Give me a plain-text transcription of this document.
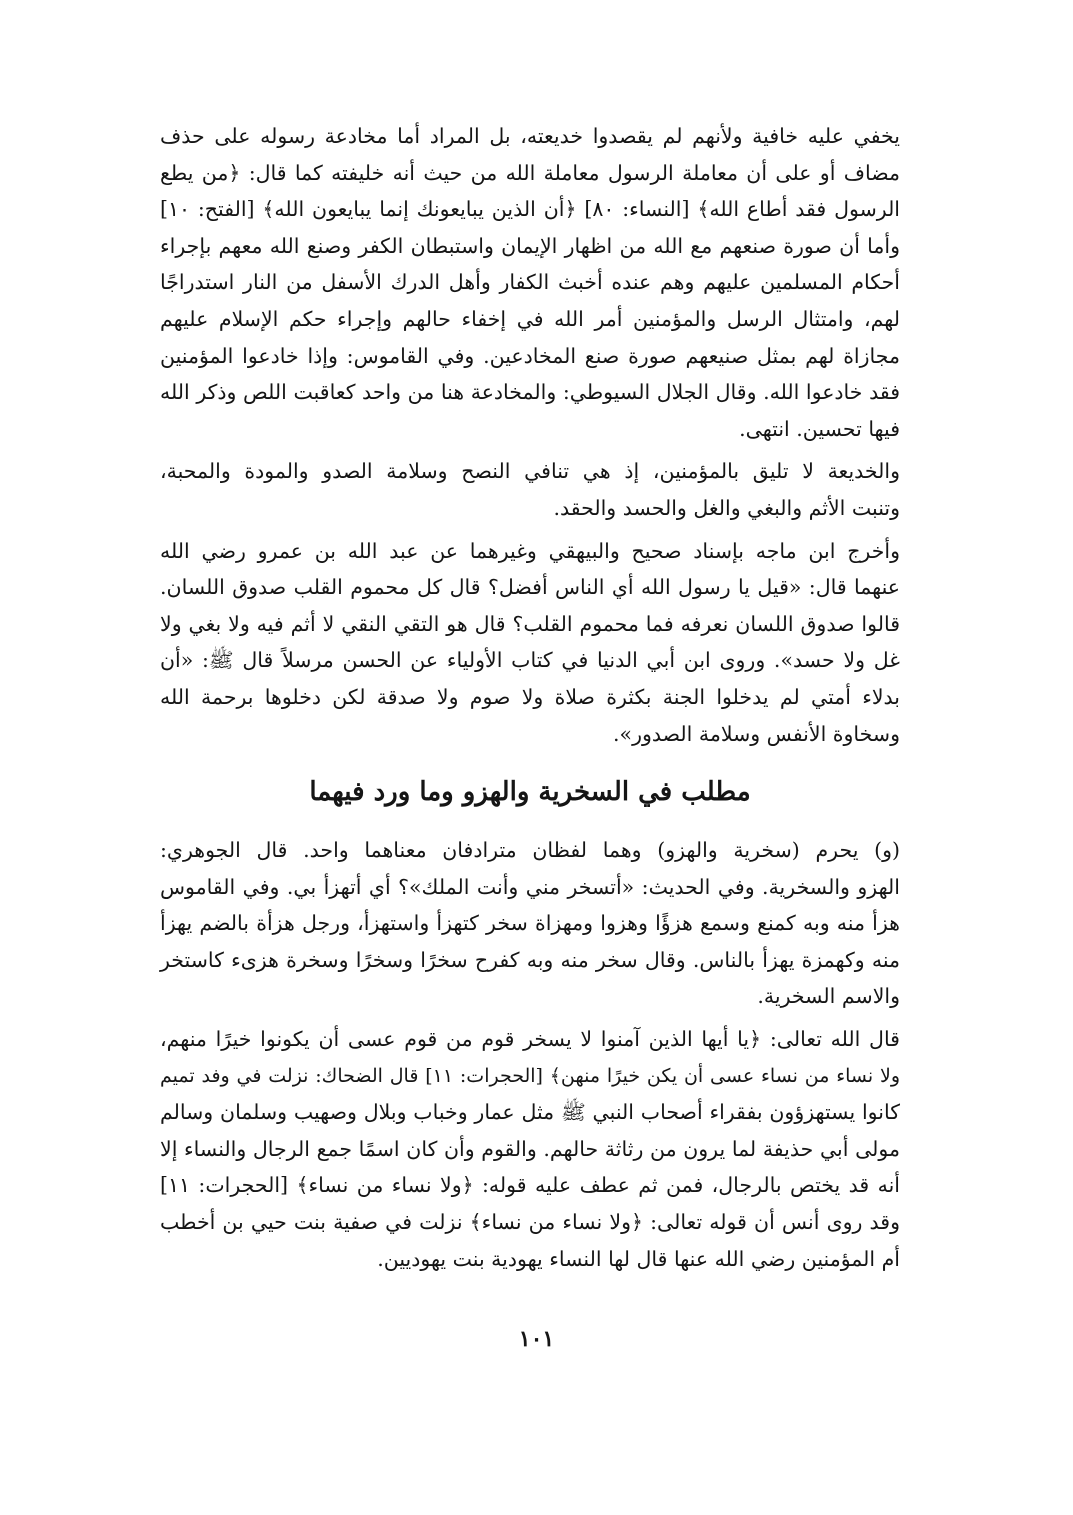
يخفي عليه خافية ولأنهم لم يقصدوا خديعته، بل المراد أما مخادعة رسوله على حذف

مضاف أو على أن معاملة الرسول معاملة الله من حيث أنه خليفته كما قال: ﴿من يطع

الرسول فقد أطاع الله﴾ [النساء: ٨٠] ﴿أن الذين يبايعونك إنما يبايعون الله﴾ [الفتح: ١٠]

وأما أن صورة صنعهم مع الله من اظهار الإيمان واستبطان الكفر وصنع الله معهم بإجراء

أحكام المسلمين عليهم وهم عنده أخبث الكفار وأهل الدرك الأسفل من النار استدراجًا

لهم، وامتثال الرسل والمؤمنين أمر الله في إخفاء حالهم وإجراء حكم الإسلام عليهم

مجازاة لهم بمثل صنيعهم صورة صنع المخادعين. وفي القاموس: وإذا خادعوا المؤمنين

فقد خادعوا الله. وقال الجلال السيوطي: والمخادعة هنا من واحد كعاقبت اللص وذكر الله

فيها تحسين. انتهى.

والخديعة لا تليق بالمؤمنين، إذ هي تنافي النصح وسلامة الصدو والمودة والمحبة،

وتنبت الأثم والبغي والغل والحسد والحقد.

وأخرج ابن ماجه بإسناد صحيح والبيهقي وغيرهما عن عبد الله بن عمرو رضي الله

عنهما قال: «قيل يا رسول الله أي الناس أفضل؟ قال كل محموم القلب صدوق اللسان.

قالوا صدوق اللسان نعرفه فما محموم القلب؟ قال هو التقي النقي لا أثم فيه ولا بغي ولا

غل ولا حسد». وروى ابن أبي الدنيا في كتاب الأولياء عن الحسن مرسلاً قال ﷺ: «أن

بدلاء أمتي لم يدخلوا الجنة بكثرة صلاة ولا صوم ولا صدقة لكن دخلوها برحمة الله

وسخاوة الأنفس وسلامة الصدور».

مطلب في السخرية والهزو وما ورد فيهما

(و) يحرم (سخرية والهزو) وهما لفظان مترادفان معناهما واحد. قال الجوهري:

الهزو والسخرية. وفي الحديث: «أتسخر مني وأنت الملك»؟ أي أتهزأ بي. وفي القاموس

هزأ منه وبه كمنع وسمع هزؤًا وهزوا ومهزاة سخر كتهزأ واستهزأ، ورجل هزأة بالضم يهزأ

منه وكهمزة يهزأ بالناس. وقال سخر منه وبه كفرح سخرًا وسخرًا وسخرة هزىء كاستخر

والاسم السخرية.

قال الله تعالى: ﴿يا أيها الذين آمنوا لا يسخر قوم من قوم عسى أن يكونوا خيرًا منهم،

ولا نساء من نساء عسى أن يكن خيرًا منهن﴾ [الحجرات: ١١] قال الضحاك: نزلت في وفد تميم

كانوا يستهزؤون بفقراء أصحاب النبي ﷺ مثل عمار وخباب وبلال وصهيب وسلمان وسالم

مولى أبي حذيفة لما يرون من رثاثة حالهم. والقوم وأن كان اسمًا جمع الرجال والنساء إلا

أنه قد يختص بالرجال، فمن ثم عطف عليه قوله: ﴿ولا نساء من نساء﴾ [الحجرات: ١١]

وقد روى أنس أن قوله تعالى: ﴿ولا نساء من نساء﴾ نزلت في صفية بنت حيي بن أخطب

أم المؤمنين رضي الله عنها قال لها النساء يهودية بنت يهوديين.

١٠١
